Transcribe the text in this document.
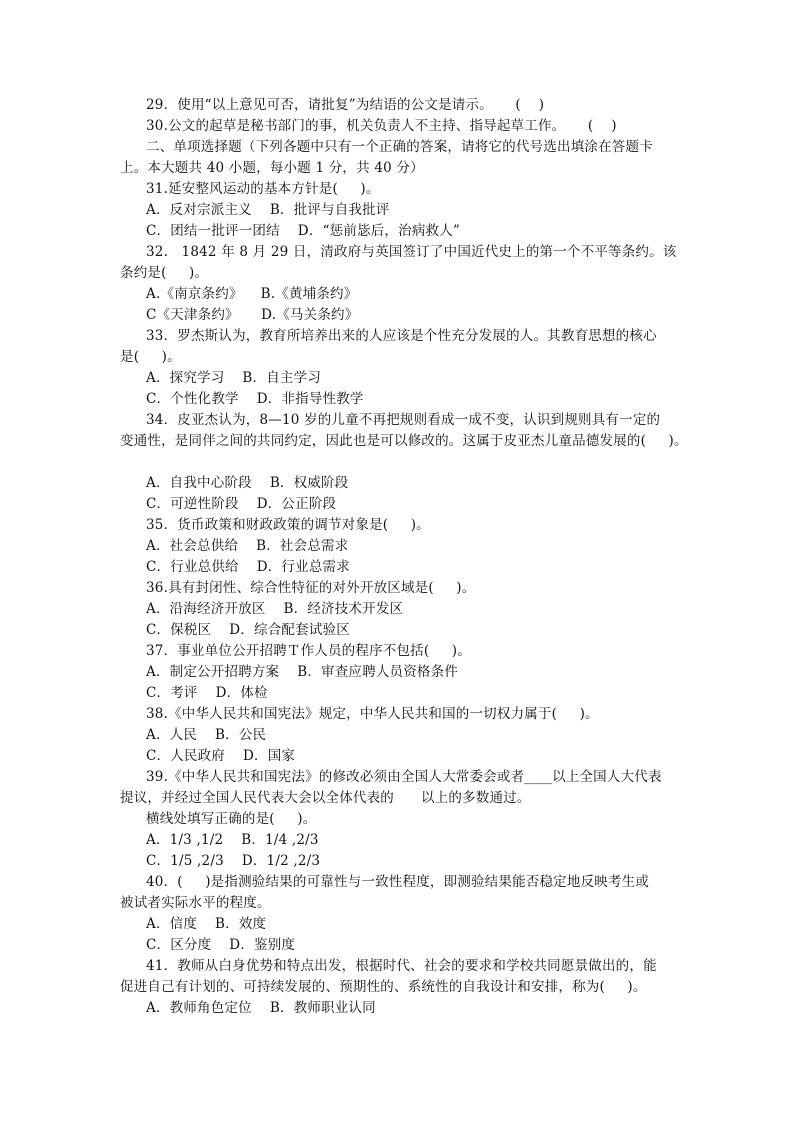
29．使用“以上意见可否，请批复”为结语的公文是请示。     (    )
30.公文的起草是秘书部门的事，机关负责人不主持、指导起草工作。     (    )
二、单项选择题（下列各题中只有一个正确的答案，请将它的代号选出填涂在答题卡
上。本大题共 40 小题，每小题 1 分，共 40 分）
31.延安整风运动的基本方针是(     )。
A．反对宗派主义    B．批评与自我批评
C．团结一批评一团结    D．“惩前毖后，治病救人”
32.   1842 年 8 月 29 日，清政府与英国签订了中国近代史上的第一个不平等条约。该
条约是(     )。
A.《南京条约》    B.《黄埔条约》
C《天津条约》     D.《马关条约》
33．罗杰斯认为，教育所培养出来的人应该是个性充分发展的人。其教育思想的核心
是(     )。
A．探究学习    B．自主学习
C．个性化教学    D．非指导性教学
34．皮亚杰认为，8—10 岁的儿童不再把规则看成一成不变，认识到规则具有一定的
变通性，是同伴之间的共同约定，因此也是可以修改的。这属于皮亚杰儿童品德发展的(     )。
A．自我中心阶段    B．权威阶段
C．可逆性阶段    D．公正阶段
35．货币政策和财政政策的调节对象是(     )。
A．社会总供给    B．社会总需求
C．行业总供给    D．行业总需求
36.具有封闭性、综合性特征的对外开放区域是(     )。
A．沿海经济开放区    B．经济技术开发区
C．保税区    D．综合配套试验区
37．事业单位公开招聘Ｔ作人员的程序不包括(     )。
A．制定公开招聘方案    B．审查应聘人员资格条件
C．考评    D．体检
38.《中华人民共和国宪法》规定，中华人民共和国的一切权力属于(     )。
A．人民    B．公民
C．人民政府    D．国家
39.《中华人民共和国宪法》的修改必须由全国人大常委会或者____以上全国人大代表
提议，并经过全国人民代表大会以全体代表的      以上的多数通过。
横线处填写正确的是(     )。
A．1/3 ,1/2    B．1/4 ,2/3
C．1/5 ,2/3    D．1/2 ,2/3
40．(     )是指测验结果的可靠性与一致性程度，即测验结果能否稳定地反映考生或
被试者实际水平的程度。
A．信度    B．效度
C．区分度    D．鉴别度
41．教师从白身优势和特点出发，根据时代、社会的要求和学校共同愿景做出的，能
促进自己有计划的、可持续发展的、预期性的、系统性的自我设计和安排，称为(     )。
A．教师角色定位    B．教师职业认同
